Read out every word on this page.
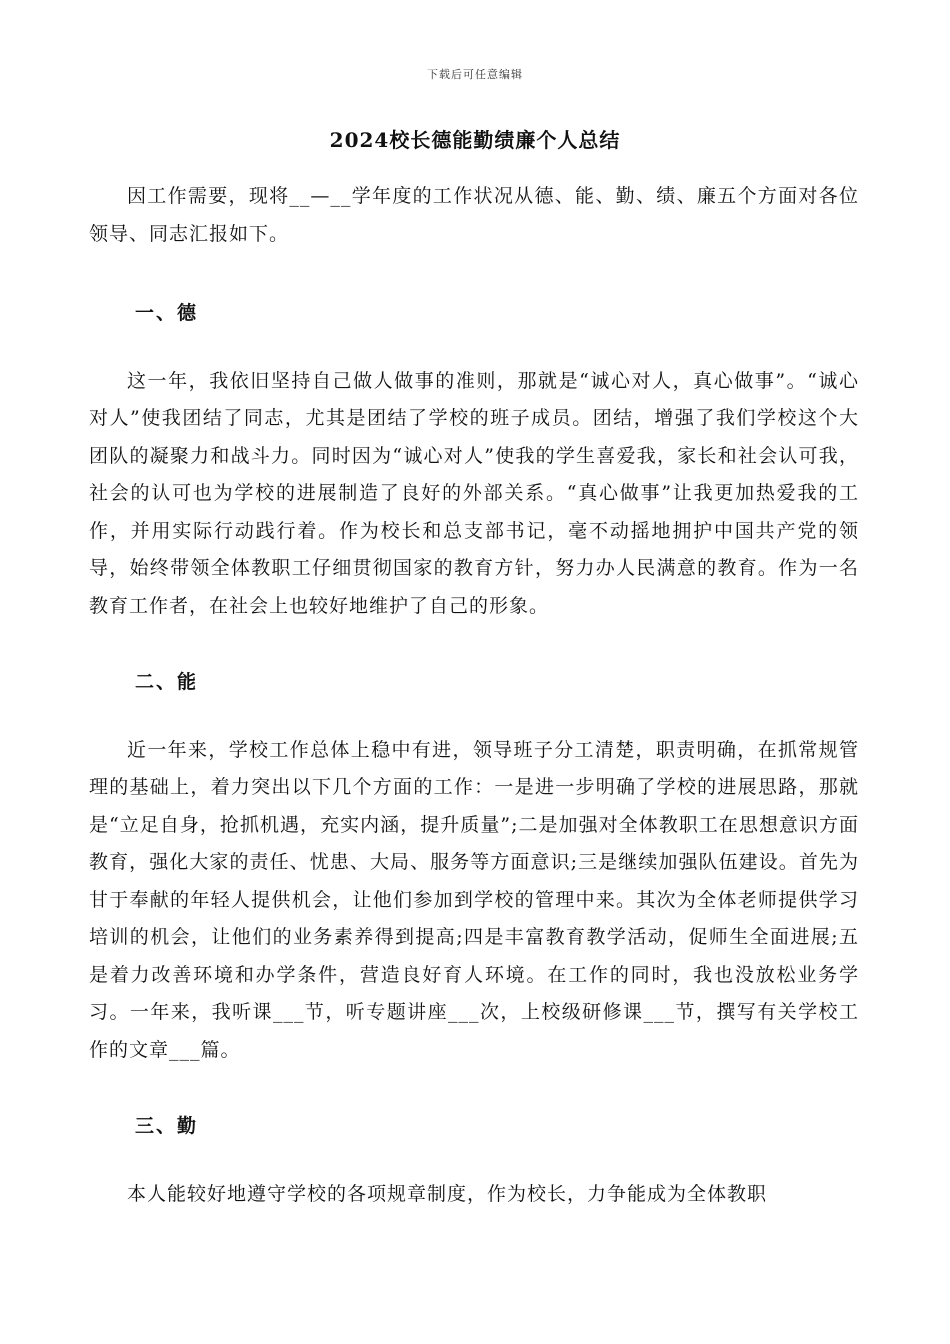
下载后可任意编辑
2024校长德能勤绩廉个人总结

因工作需要，现将__—__学年度的工作状况从德、能、勤、绩、廉五个方面对各位领导、同志汇报如下。

一、德

这一年，我依旧坚持自己做人做事的准则，那就是“诚心对人，真心做事”。“诚心对人”使我团结了同志，尤其是团结了学校的班子成员。团结，增强了我们学校这个大团队的凝聚力和战斗力。同时因为“诚心对人”使我的学生喜爱我，家长和社会认可我，社会的认可也为学校的进展制造了良好的外部关系。“真心做事”让我更加热爱我的工作，并用实际行动践行着。作为校长和总支部书记，毫不动摇地拥护中国共产党的领导，始终带领全体教职工仔细贯彻国家的教育方针，努力办人民满意的教育。作为一名教育工作者，在社会上也较好地维护了自己的形象。

二、能

近一年来，学校工作总体上稳中有进，领导班子分工清楚，职责明确，在抓常规管理的基础上，着力突出以下几个方面的工作：一是进一步明确了学校的进展思路，那就是“立足自身，抢抓机遇，充实内涵，提升质量”;二是加强对全体教职工在思想意识方面教育，强化大家的责任、忧患、大局、服务等方面意识;三是继续加强队伍建设。首先为甘于奉献的年轻人提供机会，让他们参加到学校的管理中来。其次为全体老师提供学习培训的机会，让他们的业务素养得到提高;四是丰富教育教学活动，促师生全面进展;五是着力改善环境和办学条件，营造良好育人环境。在工作的同时，我也没放松业务学习。一年来，我听课___节，听专题讲座___次，上校级研修课___节，撰写有关学校工作的文章___篇。

三、勤

本人能较好地遵守学校的各项规章制度，作为校长，力争能成为全体教职
